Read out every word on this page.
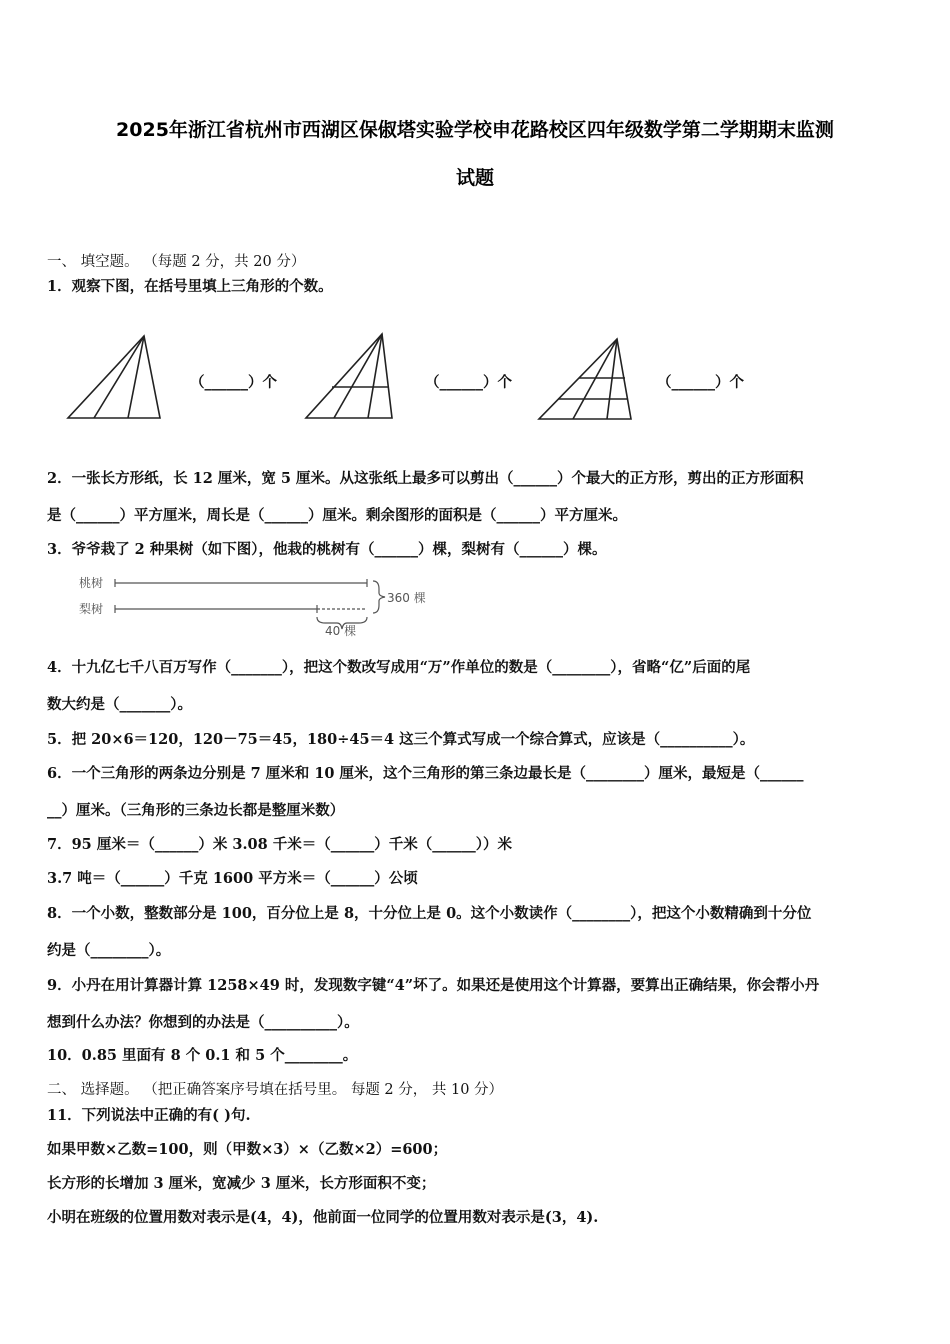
2025年浙江省杭州市西湖区保俶塔实验学校申花路校区四年级数学第二学期期末监测
试题
一、 填空题。 （每题 2 分，共 20 分）
1．观察下图，在括号里填上三角形的个数。
（______）个	（______）个	（______）个
2．一张长方形纸，长 12 厘米，宽 5 厘米。从这张纸上最多可以剪出（______）个最大的正方形，剪出的正方形面积
是（______）平方厘米，周长是（______）厘米。剩余图形的面积是（______）平方厘米。
3．爷爷栽了 2 种果树（如下图），他栽的桃树有（______）棵，梨树有（______）棵。
桃树
梨树
360 棵
40 棵
4．十九亿七千八百万写作（_______），把这个数改写成用“万”作单位的数是（________），省略“亿”后面的尾
数大约是（_______）。
5．把 20×6＝120，120－75＝45，180÷45＝4 这三个算式写成一个综合算式，应该是（__________）。
6．一个三角形的两条边分别是 7 厘米和 10 厘米，这个三角形的第三条边最长是（________）厘米，最短是（______
__）厘米。（三角形的三条边长都是整厘米数）
7．95 厘米＝（______）米 3.08 千米＝（______）千米（______））米
3.7 吨＝（______）千克 1600 平方米＝（______）公顷
8．一个小数，整数部分是 100，百分位上是 8，十分位上是 0。这个小数读作（________），把这个小数精确到十分位
约是（________）。
9．小丹在用计算器计算 1258×49 时，发现数字键“4”坏了。如果还是使用这个计算器，要算出正确结果，你会帮小丹
想到什么办法？你想到的办法是（__________）。
10．0.85 里面有 8 个 0.1 和 5 个________。
二、 选择题。 （把正确答案序号填在括号里。 每题 2 分， 共 10 分）
11．下列说法中正确的有( )句.
如果甲数×乙数=100，则（甲数×3）×（乙数×2）=600；
长方形的长增加 3 厘米，宽减少 3 厘米，长方形面积不变；
小明在班级的位置用数对表示是(4，4)，他前面一位同学的位置用数对表示是(3，4).
